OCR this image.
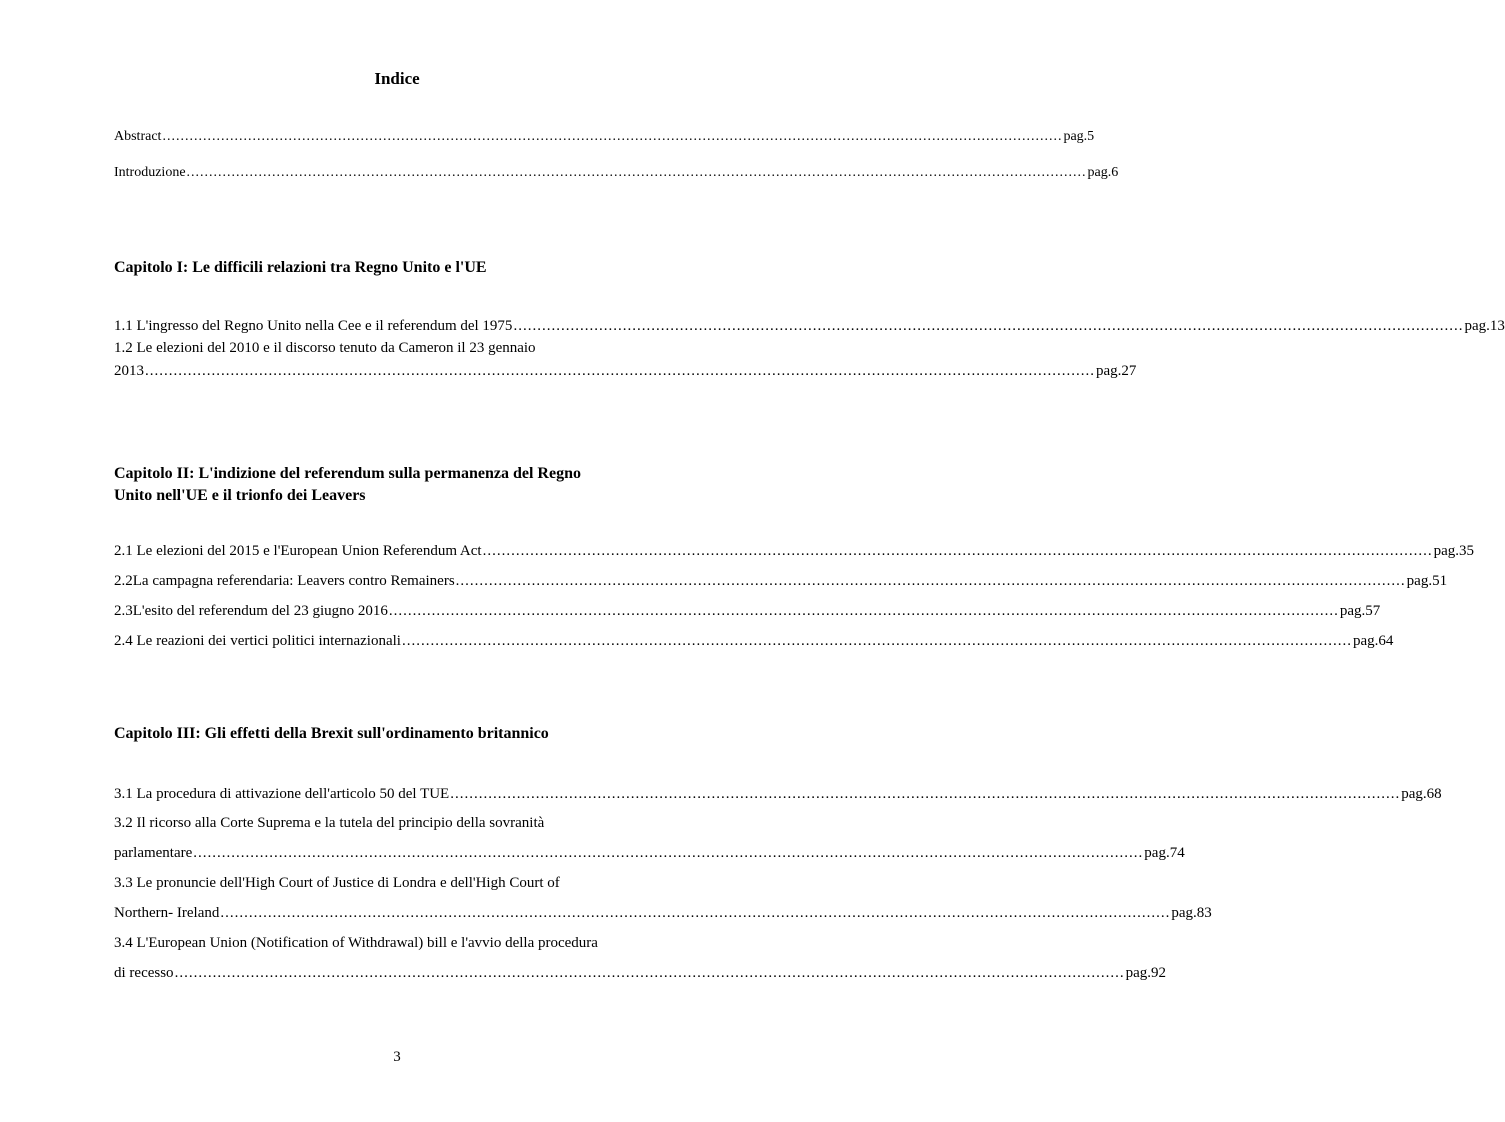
Indice
Abstract ........................................................................................................................................................................................................ pag.5
Introduzione ........................................................................................................................................................................................................ pag.6
Capitolo I: Le difficili relazioni tra Regno Unito e l'UE
1.1 L'ingresso del Regno Unito nella Cee e il referendum del 1975 ........................................................................................................................................................................................................ pag.13
1.2 Le elezioni del 2010 e il discorso tenuto da Cameron il 23 gennaio
2013 ........................................................................................................................................................................................................ pag.27
Capitolo II: L'indizione del referendum sulla permanenza del Regno
Unito nell'UE e il trionfo dei Leavers
2.1 Le elezioni del 2015 e l'European Union Referendum Act ........................................................................................................................................................................................................ pag.35
2.2La campagna referendaria: Leavers contro Remainers ........................................................................................................................................................................................................ pag.51
2.3L'esito del referendum del 23 giugno 2016 ........................................................................................................................................................................................................ pag.57
2.4 Le reazioni dei vertici politici internazionali ........................................................................................................................................................................................................ pag.64
Capitolo III: Gli effetti della Brexit sull'ordinamento britannico
3.1 La procedura di attivazione dell'articolo 50 del TUE ........................................................................................................................................................................................................ pag.68
3.2 Il ricorso alla Corte Suprema e la tutela del principio della sovranità
parlamentare ........................................................................................................................................................................................................ pag.74
3.3 Le pronuncie dell'High Court of Justice di Londra e dell'High Court of
Northern- Ireland ........................................................................................................................................................................................................ pag.83
3.4 L'European Union (Notification of Withdrawal) bill e l'avvio della procedura
di recesso ........................................................................................................................................................................................................ pag.92
3
